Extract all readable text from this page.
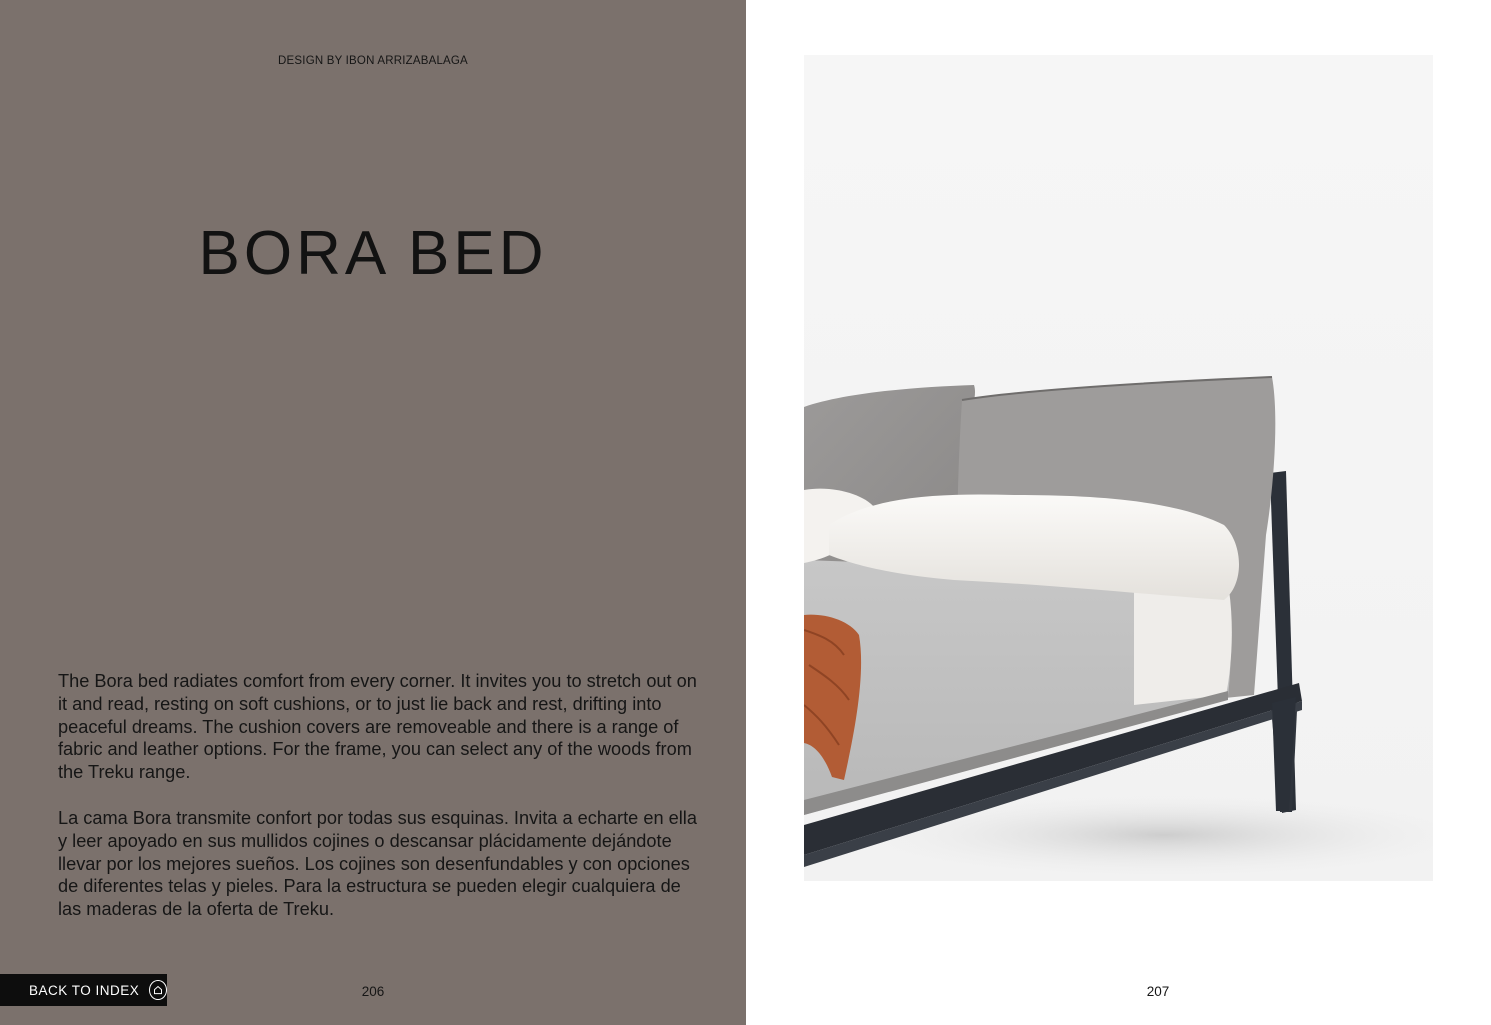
DESIGN BY IBON ARRIZABALAGA
BORA BED

The Bora bed radiates comfort from every corner. It invites you to stretch out on it and read, resting on soft cushions, or to just lie back and rest, drifting into peaceful dreams. The cushion covers are removeable and there is a range of fabric and leather options. For the frame, you can select any of the woods from the Treku range.

La cama Bora transmite confort por todas sus esquinas. Invita a echarte en ella y leer apoyado en sus mullidos cojines o descansar plácidamente dejándote llevar por los mejores sueños. Los cojines son desenfundables y con opciones de diferentes telas y pieles. Para la estructura se pueden elegir cualquiera de las maderas de la oferta de Treku.

BACK TO INDEX	206	207
